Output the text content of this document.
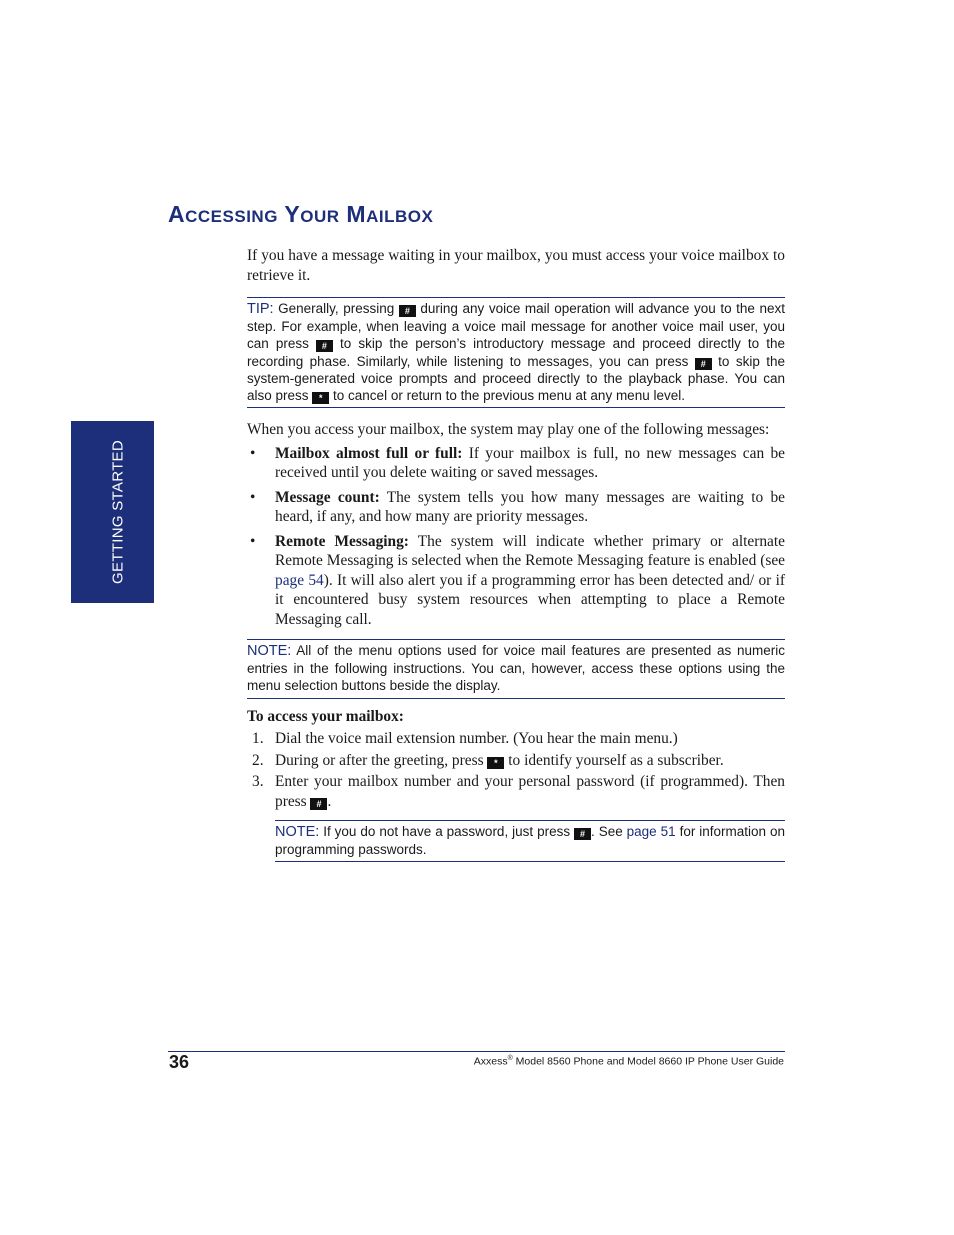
GETTING STARTED
ACCESSING YOUR MAILBOX

If you have a message waiting in your mailbox, you must access your voice mailbox to retrieve it.

TIP: Generally, pressing # during any voice mail operation will advance you to the next step. For example, when leaving a voice mail message for another voice mail user, you can press # to skip the person’s introductory message and proceed directly to the recording phase. Similarly, while listening to messages, you can press # to skip the system-generated voice prompts and proceed directly to the playback phase. You can also press * to cancel or return to the previous menu at any menu level.

When you access your mailbox, the system may play one of the following messages:

• Mailbox almost full or full: If your mailbox is full, no new messages can be received until you delete waiting or saved messages.
• Message count: The system tells you how many messages are waiting to be heard, if any, and how many are priority messages.
• Remote Messaging: The system will indicate whether primary or alternate Remote Messaging is selected when the Remote Messaging feature is enabled (see page 54). It will also alert you if a programming error has been detected and/ or if it encountered busy system resources when attempting to place a Remote Messaging call.
NOTE: All of the menu options used for voice mail features are presented as numeric entries in the following instructions. You can, however, access these options using the menu selection buttons beside the display.

To access your mailbox:

1. Dial the voice mail extension number. (You hear the main menu.)
2. During or after the greeting, press * to identify yourself as a subscriber.
3. Enter your mailbox number and your personal password (if programmed). Then press # .
NOTE: If you do not have a password, just press # . See page 51 for information on programming passwords.
36	Axxess® Model 8560 Phone and Model 8660 IP Phone User Guide
